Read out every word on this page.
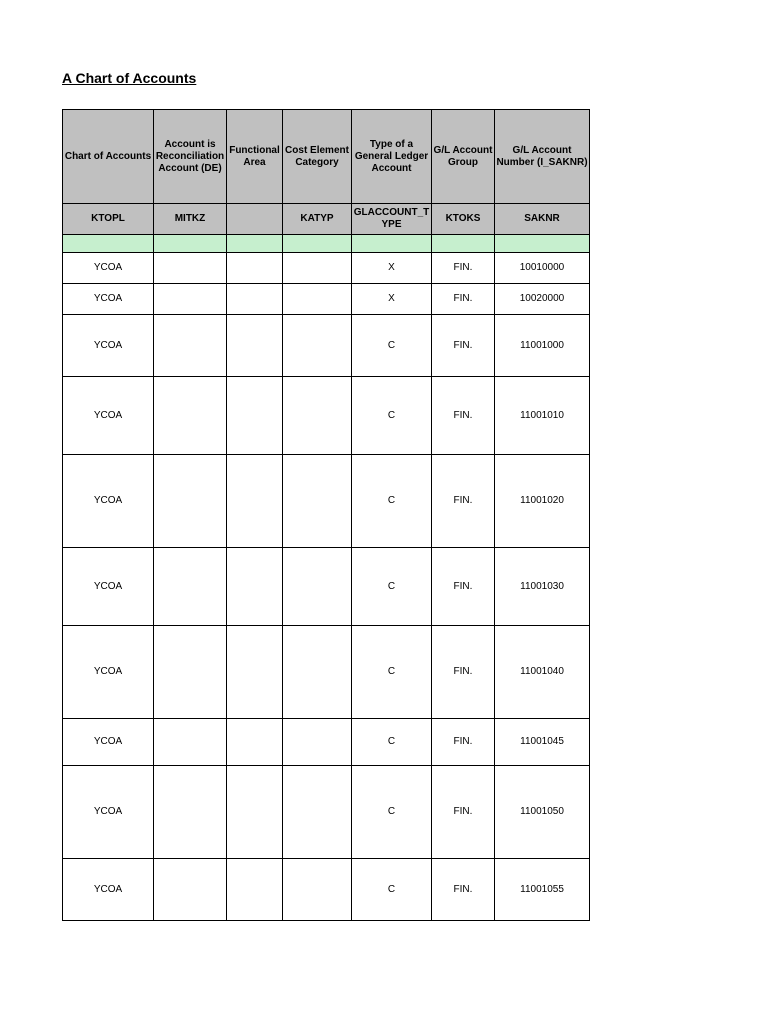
A Chart of Accounts
Chart of Accounts	Account is Reconciliation Account (DE)	Functional Area	Cost Element Category	Type of a General Ledger Account	G/L Account Group	G/L Account Number (I_SAKNR)
KTOPL	MITKZ		KATYP	GLACCOUNT_TYPE	KTOKS	SAKNR

YCOA				X	FIN.	10010000
YCOA				X	FIN.	10020000
YCOA				C	FIN.	11001000
YCOA				C	FIN.	11001010
YCOA				C	FIN.	11001020
YCOA				C	FIN.	11001030
YCOA				C	FIN.	11001040
YCOA				C	FIN.	11001045
YCOA				C	FIN.	11001050
YCOA				C	FIN.	11001055
